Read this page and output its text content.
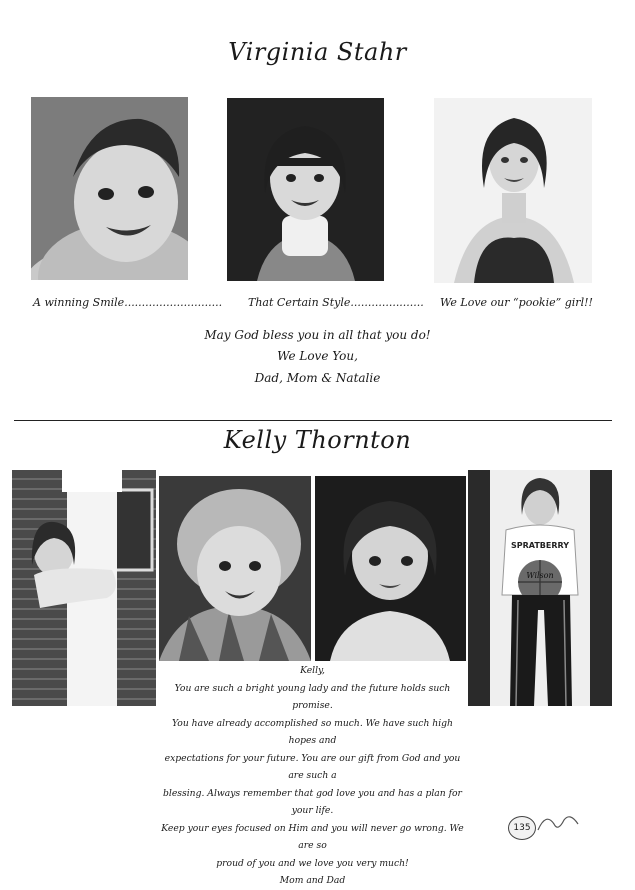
Virginia Stahr
A winning Smile............................ That Certain Style..................... We Love our “pookie” girl!!
May God bless you in all that you do!
We Love You,
Dad, Mom & Natalie
Kelly Thornton
SPRATBERRY
Wilson
Kelly,
You are such a bright young lady and the future holds such promise.
You have already accomplished so much. We have such high hopes and
expectations for your future. You are our gift from God and you are such a
blessing. Always remember that god love you and has a plan for your life.
Keep your eyes focused on Him and you will never go wrong. We are so
proud of you and we love you very much!
Mom and Dad
135
